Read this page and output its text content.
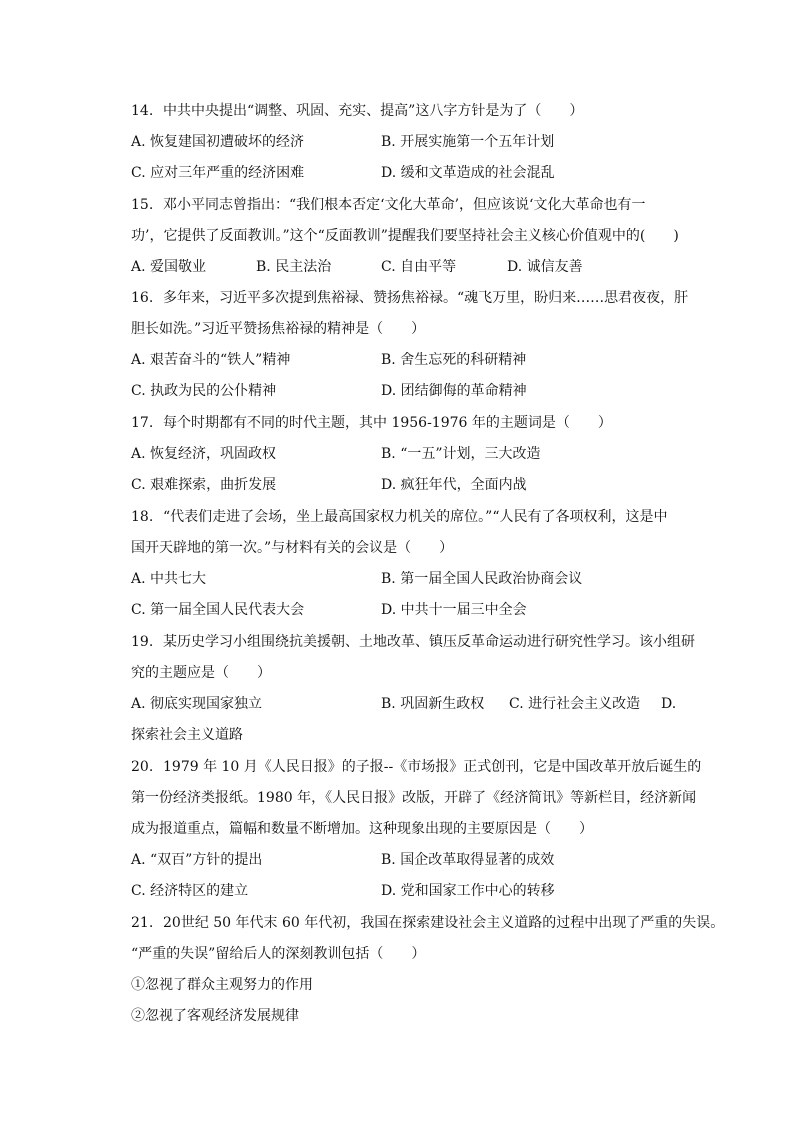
14. 中共中央提出“调整、巩固、充实、提高”这八字方针是为了（　　）
A. 恢复建国初遭破坏的经济	B. 开展实施第一个五年计划
C. 应对三年严重的经济困难	D. 缓和文革造成的社会混乱
15. 邓小平同志曾指出：“我们根本否定‘文化大革命’，但应该说‘文化大革命也有一
功’，它提供了反面教训。”这个“反面教训”提醒我们要坚持社会主义核心价值观中的(　　)
A. 爱国敬业	B. 民主法治	C. 自由平等	D. 诚信友善
16. 多年来，习近平多次提到焦裕禄、赞扬焦裕禄。“魂飞万里，盼归来……思君夜夜，肝
胆长如洗。”习近平赞扬焦裕禄的精神是（　　）
A. 艰苦奋斗的“铁人”精神	B. 舍生忘死的科研精神
C. 执政为民的公仆精神	D. 团结御侮的革命精神
17. 每个时期都有不同的时代主题，其中 1956-1976 年的主题词是（　　）
A. 恢复经济，巩固政权	B. “一五”计划，三大改造
C. 艰难探索，曲折发展	D. 疯狂年代，全面内战
18. “代表们走进了会场，坐上最高国家权力机关的席位。”“人民有了各项权利，这是中
国开天辟地的第一次。”与材料有关的会议是（　　）
A. 中共七大	B. 第一届全国人民政治协商会议
C. 第一届全国人民代表大会	D. 中共十一届三中全会
19. 某历史学习小组围绕抗美援朝、土地改革、镇压反革命运动进行研究性学习。该小组研
究的主题应是（　　）
A. 彻底实现国家独立	B. 巩固新生政权 C. 进行社会主义改造 D.
探索社会主义道路
20. 1979 年 10 月《人民日报》的子报--《市场报》正式创刊，它是中国改革开放后诞生的
第一份经济类报纸。1980 年，《人民日报》改版，开辟了《经济简讯》等新栏目，经济新闻
成为报道重点，篇幅和数量不断增加。这种现象出现的主要原因是（　　）
A. “双百”方针的提出	B. 国企改革取得显著的成效
C. 经济特区的建立	D. 党和国家工作中心的转移
21. 20世纪 50 年代末 60 年代初，我国在探索建设社会主义道路的过程中出现了严重的失误。
“严重的失误”留给后人的深刻教训包括（　　）
①忽视了群众主观努力的作用
②忽视了客观经济发展规律
